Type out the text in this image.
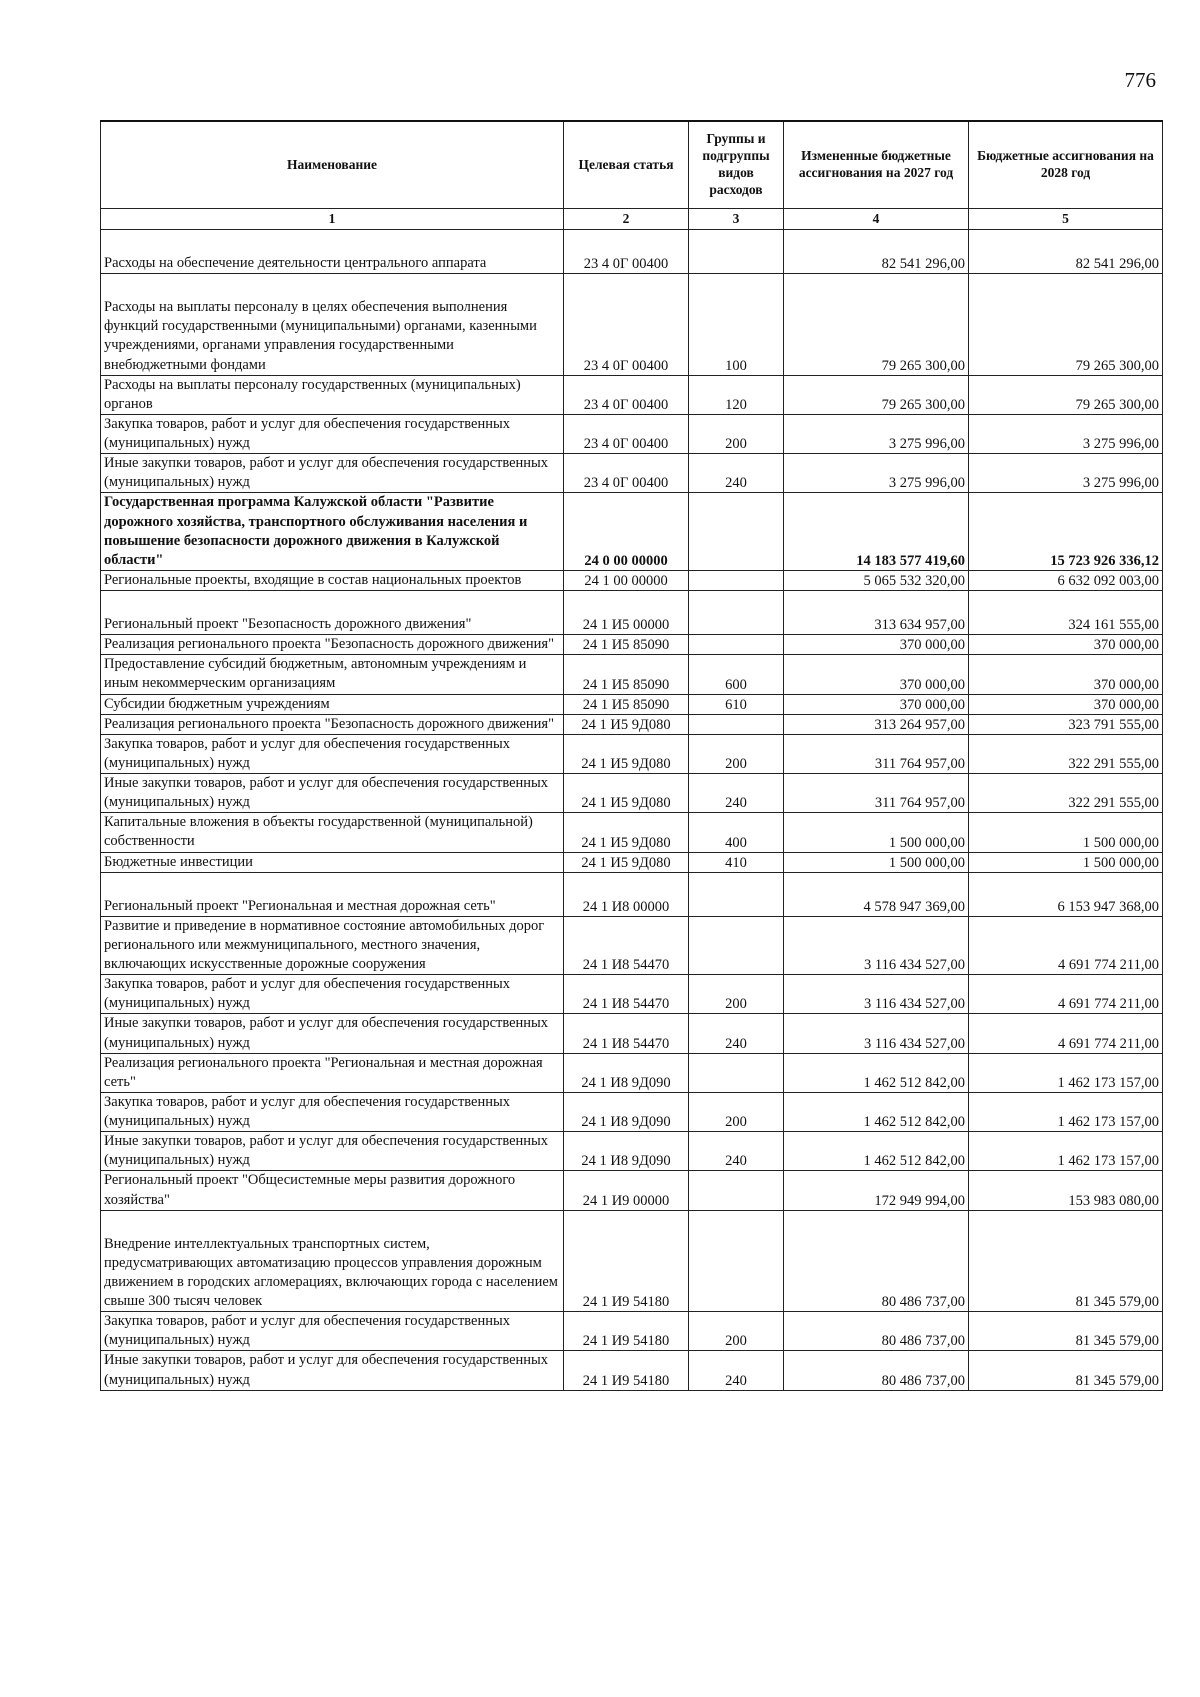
776
Наименование	Целевая статья	Группы и подгруппы видов расходов	Измененные бюджетные ассигнования на 2027 год	Бюджетные ассигнования на 2028 год
1	2	3	4	5
Расходы на обеспечение деятельности центрального аппарата	23 4 0Г 00400		82 541 296,00	82 541 296,00
Расходы на выплаты персоналу в целях обеспечения выполнения функций государственными (муниципальными) органами, казенными учреждениями, органами управления государственными внебюджетными фондами	23 4 0Г 00400	100	79 265 300,00	79 265 300,00
Расходы на выплаты персоналу государственных (муниципальных) органов	23 4 0Г 00400	120	79 265 300,00	79 265 300,00
Закупка товаров, работ и услуг для обеспечения государственных (муниципальных) нужд	23 4 0Г 00400	200	3 275 996,00	3 275 996,00
Иные закупки товаров, работ и услуг для обеспечения государственных (муниципальных) нужд	23 4 0Г 00400	240	3 275 996,00	3 275 996,00
Государственная программа Калужской области "Развитие дорожного хозяйства, транспортного обслуживания населения и повышение безопасности дорожного движения в Калужской области"	24 0 00 00000		14 183 577 419,60	15 723 926 336,12
Региональные проекты, входящие в состав национальных проектов	24 1 00 00000		5 065 532 320,00	6 632 092 003,00
Региональный проект "Безопасность дорожного движения"	24 1 И5 00000		313 634 957,00	324 161 555,00
Реализация регионального проекта "Безопасность дорожного движения"	24 1 И5 85090		370 000,00	370 000,00
Предоставление субсидий бюджетным, автономным учреждениям и иным некоммерческим организациям	24 1 И5 85090	600	370 000,00	370 000,00
Субсидии бюджетным учреждениям	24 1 И5 85090	610	370 000,00	370 000,00
Реализация регионального проекта "Безопасность дорожного движения"	24 1 И5 9Д080		313 264 957,00	323 791 555,00
Закупка товаров, работ и услуг для обеспечения государственных (муниципальных) нужд	24 1 И5 9Д080	200	311 764 957,00	322 291 555,00
Иные закупки товаров, работ и услуг для обеспечения государственных (муниципальных) нужд	24 1 И5 9Д080	240	311 764 957,00	322 291 555,00
Капитальные вложения в объекты государственной (муниципальной) собственности	24 1 И5 9Д080	400	1 500 000,00	1 500 000,00
Бюджетные инвестиции	24 1 И5 9Д080	410	1 500 000,00	1 500 000,00
Региональный проект "Региональная и местная дорожная сеть"	24 1 И8 00000		4 578 947 369,00	6 153 947 368,00
Развитие и приведение в нормативное состояние автомобильных дорог регионального или межмуниципального, местного значения, включающих искусственные дорожные сооружения	24 1 И8 54470		3 116 434 527,00	4 691 774 211,00
Закупка товаров, работ и услуг для обеспечения государственных (муниципальных) нужд	24 1 И8 54470	200	3 116 434 527,00	4 691 774 211,00
Иные закупки товаров, работ и услуг для обеспечения государственных (муниципальных) нужд	24 1 И8 54470	240	3 116 434 527,00	4 691 774 211,00
Реализация регионального проекта "Региональная и местная дорожная сеть"	24 1 И8 9Д090		1 462 512 842,00	1 462 173 157,00
Закупка товаров, работ и услуг для обеспечения государственных (муниципальных) нужд	24 1 И8 9Д090	200	1 462 512 842,00	1 462 173 157,00
Иные закупки товаров, работ и услуг для обеспечения государственных (муниципальных) нужд	24 1 И8 9Д090	240	1 462 512 842,00	1 462 173 157,00
Региональный проект "Общесистемные меры развития дорожного хозяйства"	24 1 И9 00000		172 949 994,00	153 983 080,00
Внедрение интеллектуальных транспортных систем, предусматривающих автоматизацию процессов управления дорожным движением в городских агломерациях, включающих города с населением свыше 300 тысяч человек	24 1 И9 54180		80 486 737,00	81 345 579,00
Закупка товаров, работ и услуг для обеспечения государственных (муниципальных) нужд	24 1 И9 54180	200	80 486 737,00	81 345 579,00
Иные закупки товаров, работ и услуг для обеспечения государственных (муниципальных) нужд	24 1 И9 54180	240	80 486 737,00	81 345 579,00
